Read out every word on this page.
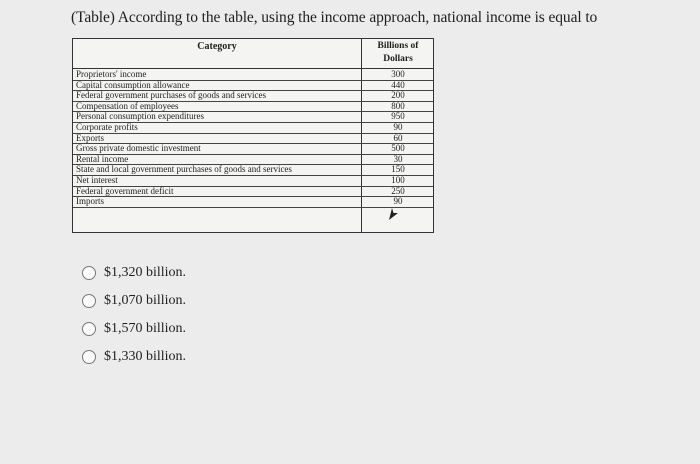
(Table) According to the table, using the income approach, national income is equal to
Category	Billions of
Dollars
Proprietors' income	300
Capital consumption allowance	440
Federal government purchases of goods and services	200
Compensation of employees	800
Personal consumption expenditures	950
Corporate profits	90
Exports	60
Gross private domestic investment	500
Rental income	30
State and local government purchases of goods and services	150
Net interest	100
Federal government deficit	250
Imports	90
$1,320 billion.
$1,070 billion.
$1,570 billion.
$1,330 billion.
